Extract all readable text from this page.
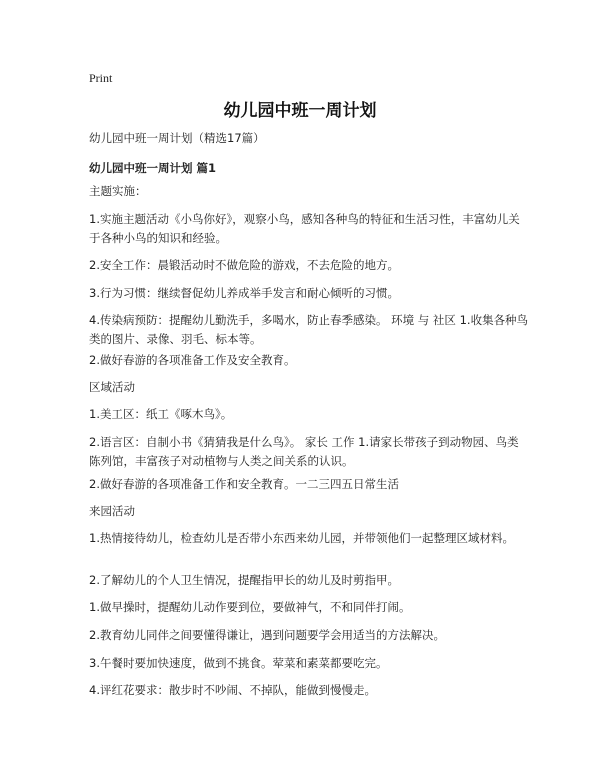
Print
幼儿园中班一周计划

幼儿园中班一周计划（精选17篇）

幼儿园中班一周计划 篇1

主题实施：

1.实施主题活动《小鸟你好》，观察小鸟，感知各种鸟的特征和生活习性，丰富幼儿关于各种小鸟的知识和经验。

2.安全工作：晨锻活动时不做危险的游戏，不去危险的地方。

3.行为习惯：继续督促幼儿养成举手发言和耐心倾听的习惯。

4.传染病预防：提醒幼儿勤洗手，多喝水，防止春季感染。 环境 与 社区 1.收集各种鸟类的图片、录像、羽毛、标本等。

2.做好春游的各项准备工作及安全教育。

区域活动

1.美工区：纸工《啄木鸟》。

2.语言区：自制小书《猜猜我是什么鸟》。 家长 工作 1.请家长带孩子到动物园、鸟类陈列馆，丰富孩子对动植物与人类之间关系的认识。

2.做好春游的各项准备工作和安全教育。一二三四五日常生活

来园活动

1.热情接待幼儿，检查幼儿是否带小东西来幼儿园，并带领他们一起整理区域材料。

2.了解幼儿的个人卫生情况，提醒指甲长的幼儿及时剪指甲。

1.做早操时，提醒幼儿动作要到位，要做神气，不和同伴打闹。

2.教育幼儿同伴之间要懂得谦让，遇到问题要学会用适当的方法解决。

3.午餐时要加快速度，做到不挑食。荤菜和素菜都要吃完。

4.评红花要求：散步时不吵闹、不掉队，能做到慢慢走。
